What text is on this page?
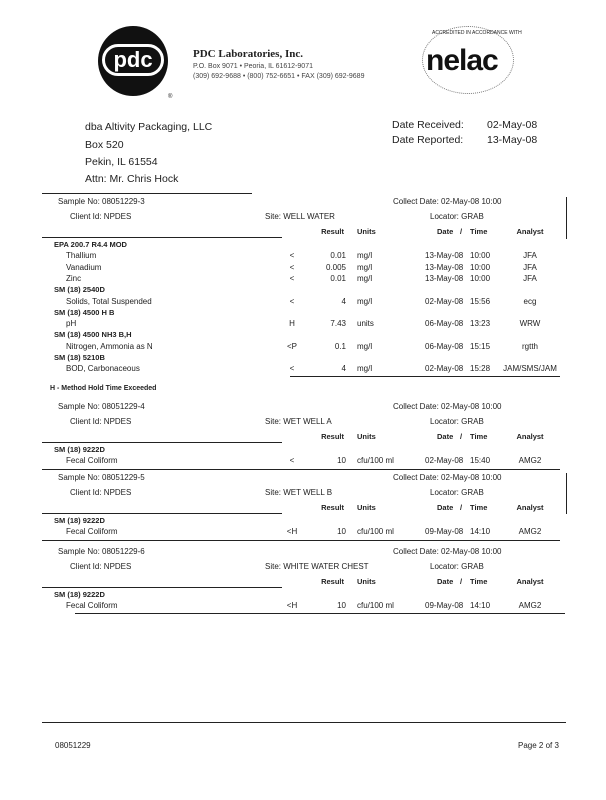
pdc
®
PDC Laboratories, Inc.
P.O. Box 9071 • Peoria, IL 61612-9071
(309) 692-9688 • (800) 752-6651 • FAX (309) 692-9689 nelac
ACCREDITED IN ACCORDANCE WITH
dba Altivity Packaging, LLC
Box 520
Pekin, IL 61554
Attn: Mr. Chris Hock
Date Received: 02-May-08
Date Reported: 13-May-08
Sample No: 08051229-3	Collect Date: 02-May-08 10:00
Client Id: NPDES	Site: WELL WATER	Locator: GRAB
Result Units	Date / Time	Analyst
EPA 200.7 R4.4 MOD
Thallium	<	0.01 mg/l	13-May-08 10:00	JFA
Vanadium	<	0.005 mg/l	13-May-08 10:00	JFA
Zinc	<	0.01 mg/l	13-May-08 10:00	JFA
SM (18) 2540D
Solids, Total Suspended	<	4 mg/l	02-May-08 15:56	ecg
SM (18) 4500 H B
pH	H	7.43 units	06-May-08 13:23	WRW
SM (18) 4500 NH3 B,H
Nitrogen, Ammonia as N	<P	0.1 mg/l	06-May-08 15:15	rgtth
SM (18) 5210B
BOD, Carbonaceous	<	4 mg/l	02-May-08 15:28	JAM/SMS/JAM
H - Method Hold Time Exceeded
Sample No: 08051229-4	Collect Date: 02-May-08 10:00
Client Id: NPDES	Site: WET WELL A	Locator: GRAB
Result Units	Date / Time	Analyst
SM (18) 9222D
Fecal Coliform	<	10 cfu/100 ml	02-May-08 15:40	AMG2
Sample No: 08051229-5	Collect Date: 02-May-08 10:00
Client Id: NPDES	Site: WET WELL B	Locator: GRAB
Result Units	Date / Time	Analyst
SM (18) 9222D
Fecal Coliform	<H	10 cfu/100 ml	09-May-08 14:10	AMG2
Sample No: 08051229-6	Collect Date: 02-May-08 10:00
Client Id: NPDES	Site: WHITE WATER CHEST	Locator: GRAB
Result Units	Date / Time	Analyst
SM (18) 9222D
Fecal Coliform	<H	10 cfu/100 ml	09-May-08 14:10	AMG2
08051229	Page 2 of 3
